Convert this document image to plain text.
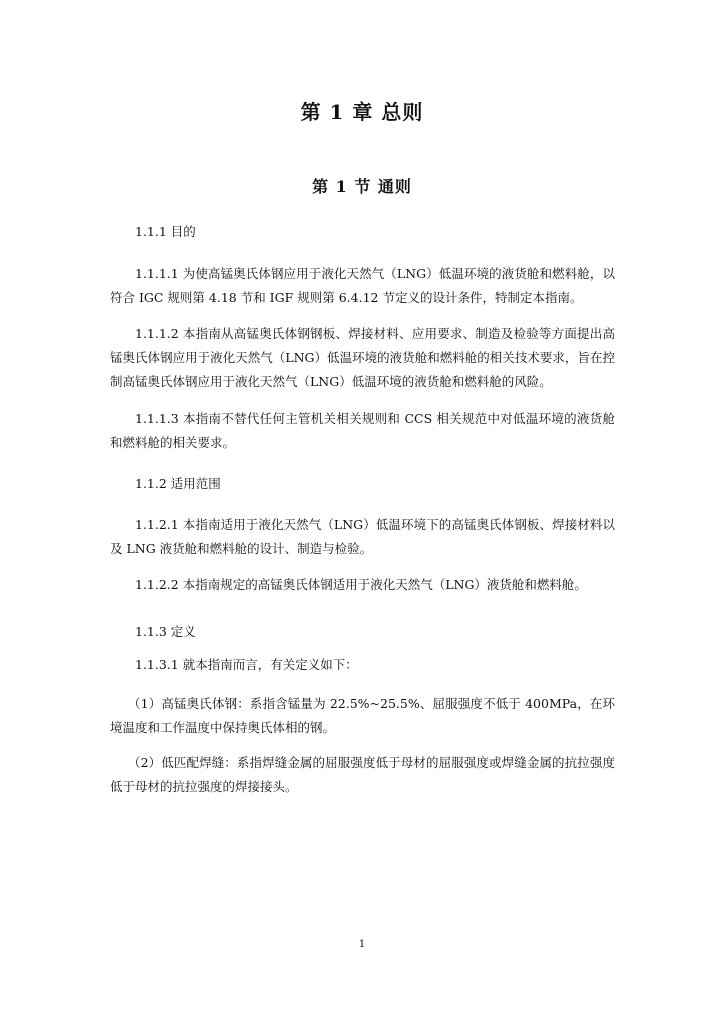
第 1 章 总则
第 1 节 通则
1.1.1 目的

1.1.1.1 为使高锰奥氏体钢应用于液化天然气（LNG）低温环境的液货舱和燃料舱，以符合 IGC 规则第 4.18 节和 IGF 规则第 6.4.12 节定义的设计条件，特制定本指南。

1.1.1.2 本指南从高锰奥氏体钢钢板、焊接材料、应用要求、制造及检验等方面提出高锰奥氏体钢应用于液化天然气（LNG）低温环境的液货舱和燃料舱的相关技术要求，旨在控制高锰奥氏体钢应用于液化天然气（LNG）低温环境的液货舱和燃料舱的风险。

1.1.1.3 本指南不替代任何主管机关相关规则和 CCS 相关规范中对低温环境的液货舱和燃料舱的相关要求。

1.1.2 适用范围

1.1.2.1 本指南适用于液化天然气（LNG）低温环境下的高锰奥氏体钢板、焊接材料以及 LNG 液货舱和燃料舱的设计、制造与检验。

1.1.2.2 本指南规定的高锰奥氏体钢适用于液化天然气（LNG）液货舱和燃料舱。

1.1.3 定义

1.1.3.1 就本指南而言，有关定义如下：

（1）高锰奥氏体钢：系指含锰量为 22.5%~25.5%、屈服强度不低于 400MPa，在环境温度和工作温度中保持奥氏体相的钢。

（2）低匹配焊缝：系指焊缝金属的屈服强度低于母材的屈服强度或焊缝金属的抗拉强度低于母材的抗拉强度的焊接接头。

1
